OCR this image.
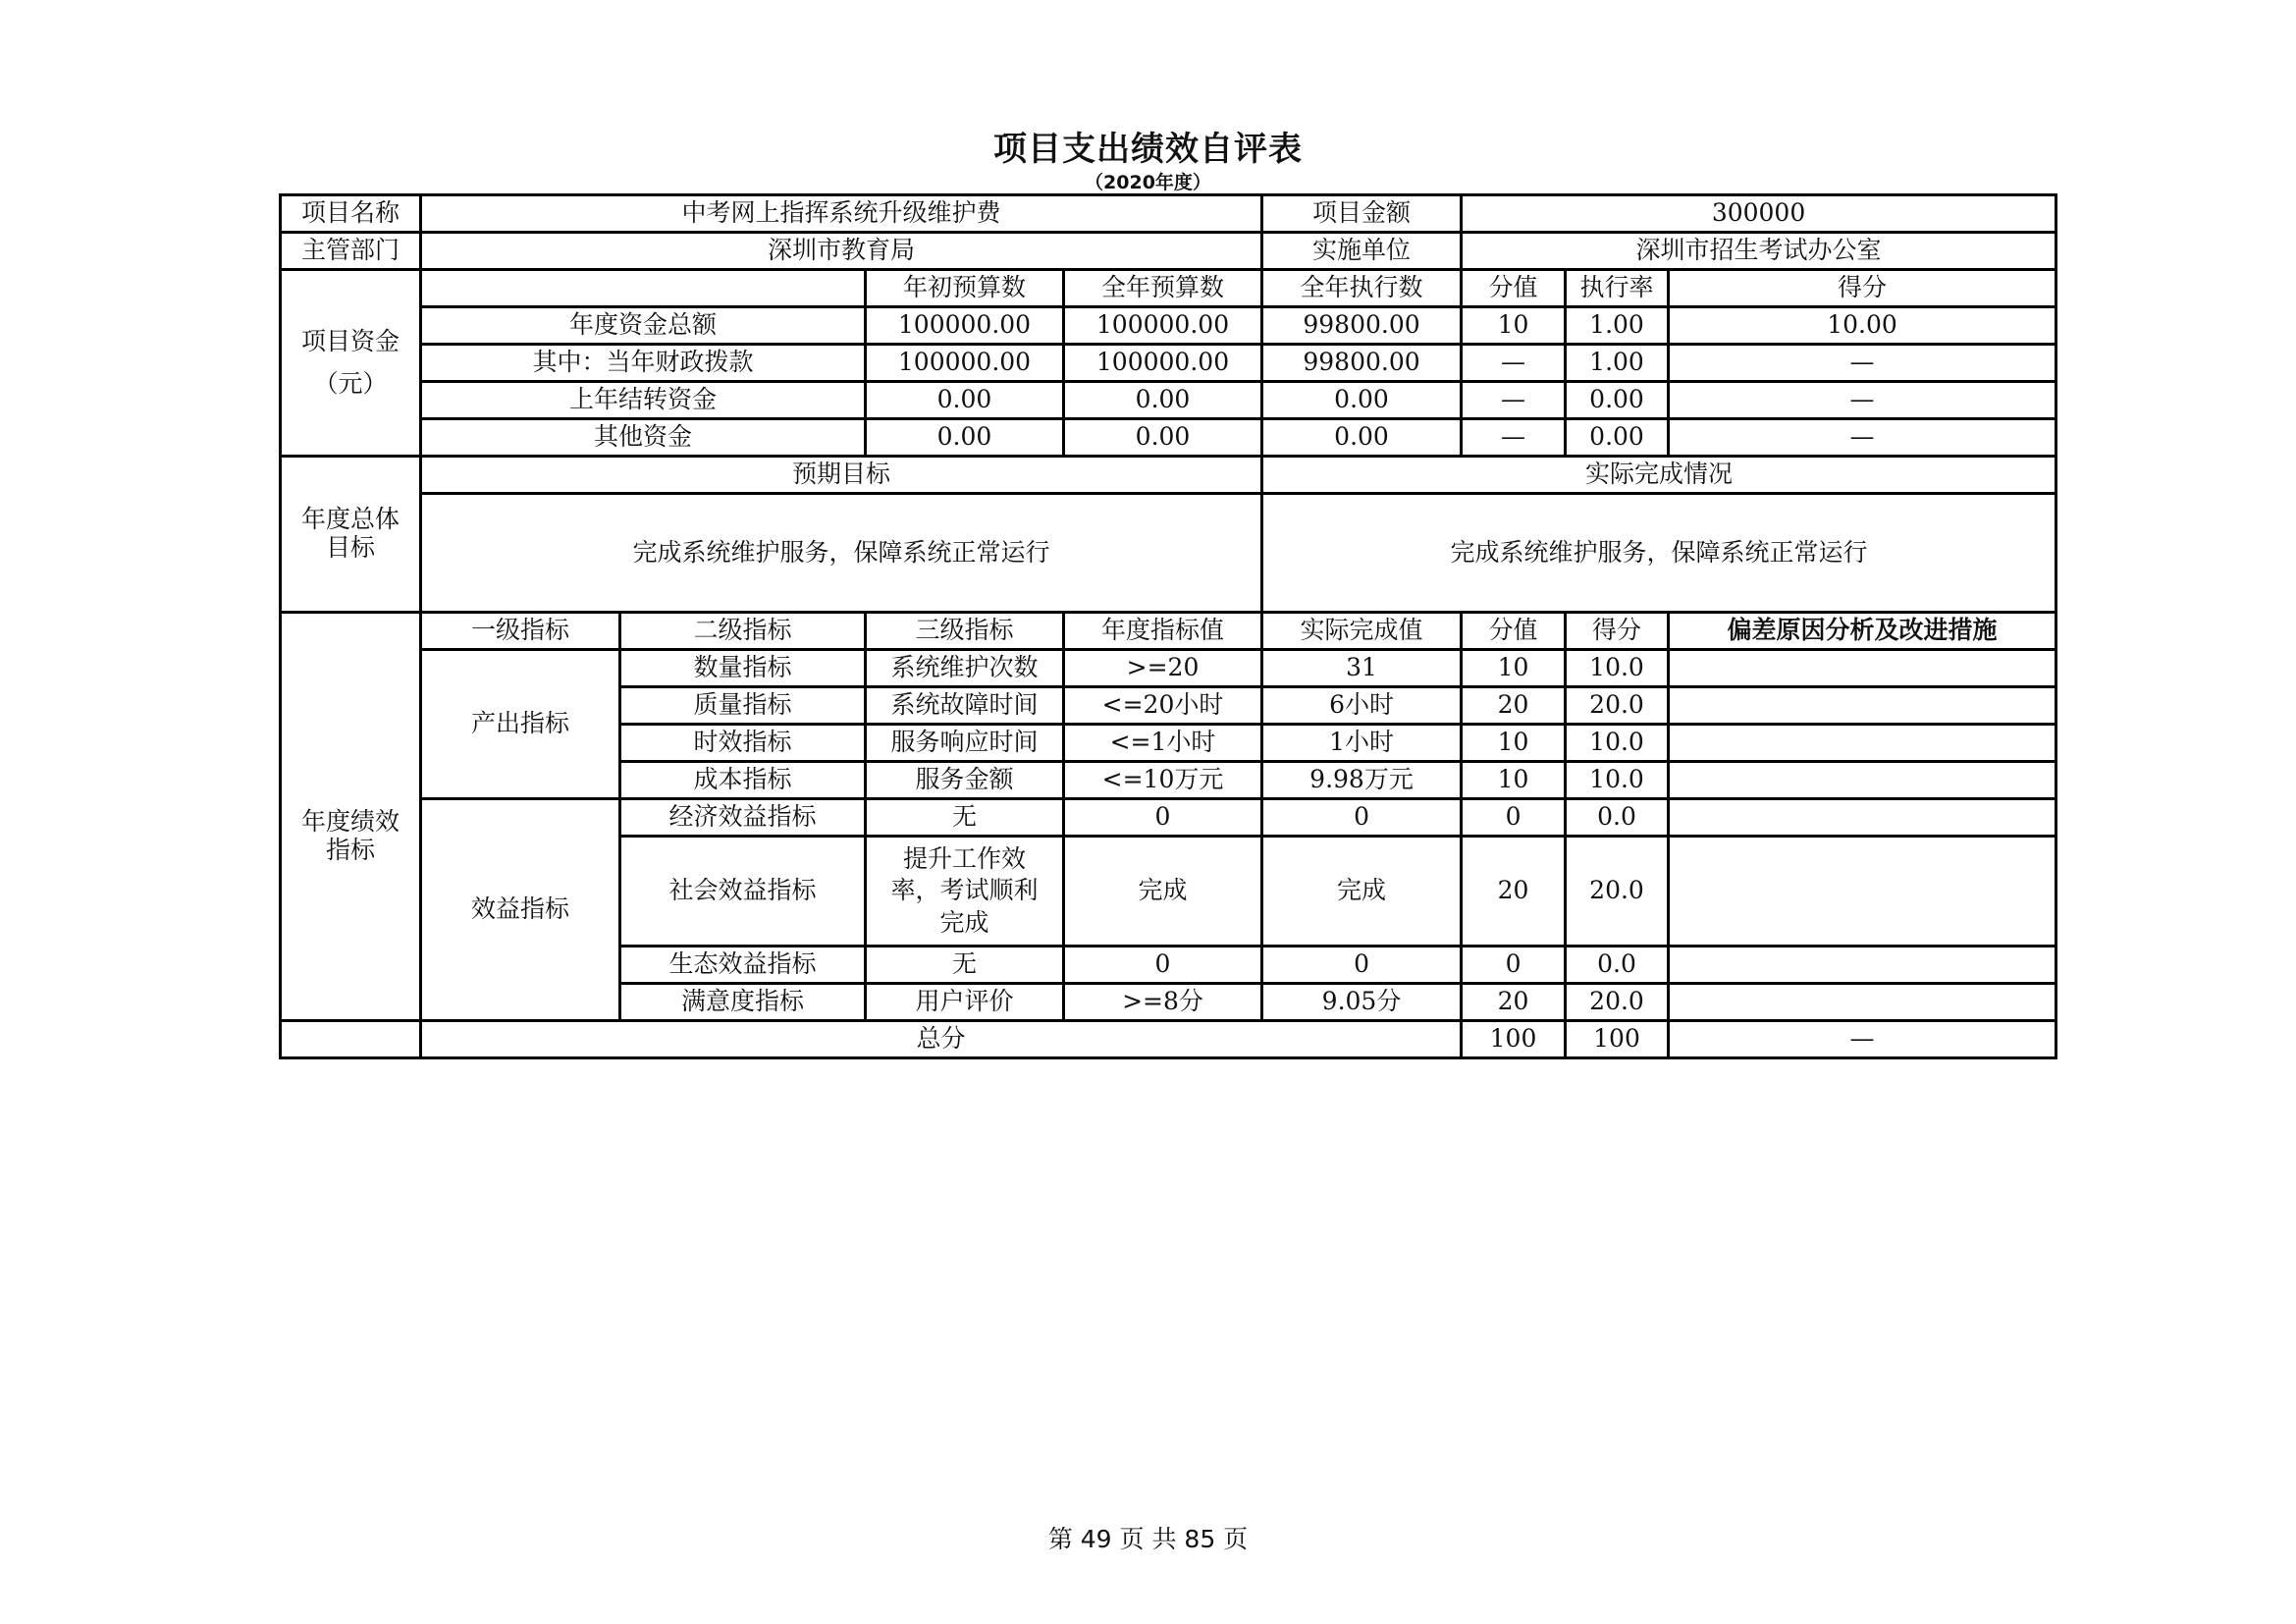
项目支出绩效自评表
（2020年度）
项目名称	中考网上指挥系统升级维护费				项目金额	300000		
主管部门	深圳市教育局				实施单位	深圳市招生考试办公室		

项目资金
（元）			年初预算数	全年预算数	全年执行数	分值	执行率	得分
	年度资金总额		100000.00	100000.00	99800.00	10	1.00	10.00
	其中：当年财政拨款		100000.00	100000.00	99800.00	—	1.00	—
	上年结转资金		0.00	0.00	0.00	—	0.00	—
	其他资金		0.00	0.00	0.00	—	0.00	—

年度总体
目标	预期目标				实际完成情况			
	完成系统维护服务，保障系统正常运行				完成系统维护服务，保障系统正常运行			

年度绩效
指标	一级指标	二级指标	三级指标	年度指标值	实际完成值	分值	得分	偏差原因分析及改进措施
	产出指标	数量指标	系统维护次数	>=20	31	10	10.0	
		质量指标	系统故障时间	<=20小时	6小时	20	20.0	
		时效指标	服务响应时间	<=1小时	1小时	10	10.0	
		成本指标	服务金额	<=10万元	9.98万元	10	10.0	
	效益指标	经济效益指标	无	0	0	0	0.0	
		社会效益指标	提升工作效率，考试顺利完成	完成	完成	20	20.0	
		生态效益指标	无	0	0	0	0.0	
		满意度指标	用户评价	>=8分	9.05分	20	20.0	
	总分					100	100	—
第 49 页 共 85 页
